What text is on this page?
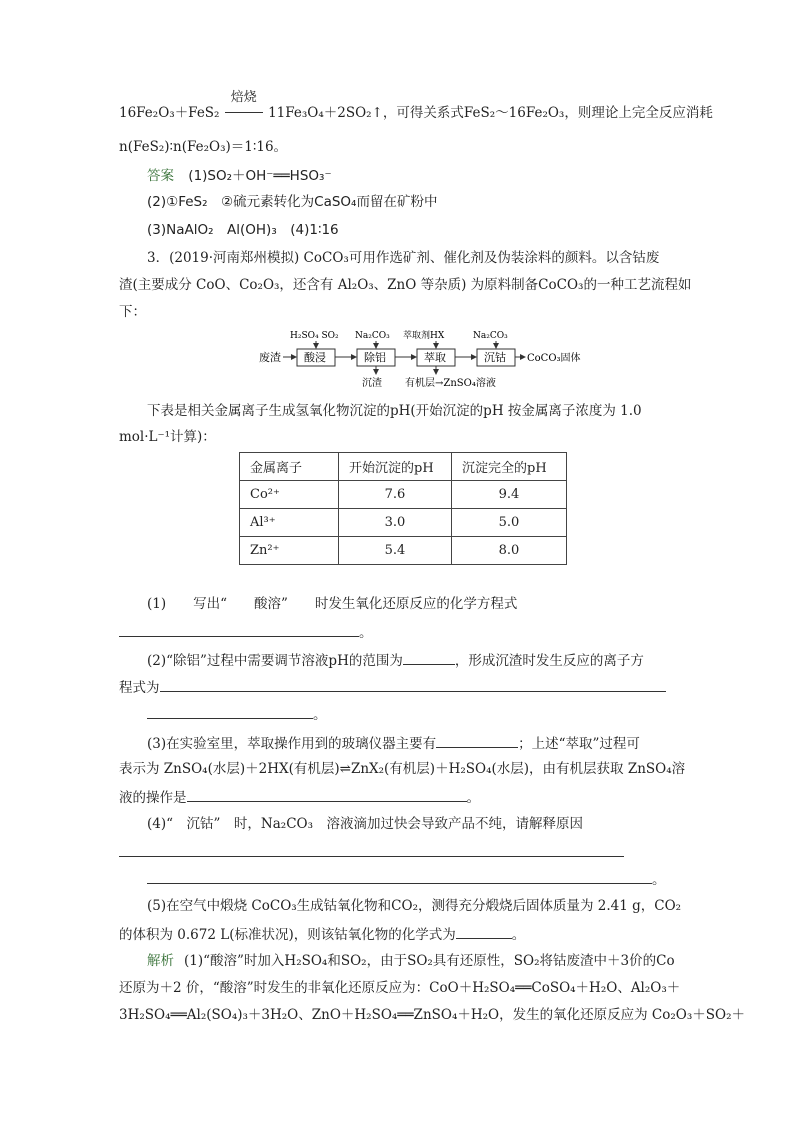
16Fe₂O₃＋FeS₂
焙烧
11Fe₃O₄＋2SO₂↑，可得关系式FeS₂～16Fe₂O₃，则理论上完全反应消耗
n(FeS₂)∶n(Fe₂O₃)＝1∶16。
答案 (1)SO₂＋OH⁻══HSO₃⁻
(2)①FeS₂　②硫元素转化为CaSO₄而留在矿粉中
(3)NaAlO₂　Al(OH)₃　(4)1∶16
3．(2019·河南郑州模拟) CoCO₃可用作选矿剂、催化剂及伪装涂料的颜料。以含钴废
渣(主要成分 CoO、Co₂O₃，还含有 Al₂O₃、ZnO 等杂质) 为原料制备CoCO₃的一种工艺流程如
下：
废渣 酸浸
H₂SO₄ SO₂
除铝
Na₂CO₃
沉渣
萃取
萃取剂HX
有机层→ZnSO₄溶液
沉钴
Na₂CO₃
CoCO₃固体
下表是相关金属离子生成氢氧化物沉淀的pH(开始沉淀的pH 按金属离子浓度为 1.0
mol·L⁻¹计算)：
金属离子	开始沉淀的pH	沉淀完全的pH
Co²⁺	7.6	9.4
Al³⁺	3.0	5.0
Zn²⁺	5.4	8.0
(1)　　写出“　　酸溶”　　时发生氧化还原反应的化学方程式
。
(2)“除铝”过程中需要调节溶液pH的范围为	，形成沉渣时发生反应的离子方
程式为
。
(3)在实验室里，萃取操作用到的玻璃仪器主要有	；上述“萃取”过程可
表示为 ZnSO₄(水层)＋2HX(有机层)⇌ZnX₂(有机层)＋H₂SO₄(水层)，由有机层获取 ZnSO₄溶
液的操作是	。
(4)“　沉钴”　时，Na₂CO₃　溶液滴加过快会导致产品不纯，请解释原因
。
(5)在空气中煅烧 CoCO₃生成钴氧化物和CO₂，测得充分煅烧后固体质量为 2.41 g，CO₂
的体积为 0.672 L(标准状况)，则该钴氧化物的化学式为	。
解析 (1)“酸溶”时加入H₂SO₄和SO₂，由于SO₂具有还原性，SO₂将钴废渣中＋3价的Co
还原为＋2 价，“酸溶”时发生的非氧化还原反应为：CoO＋H₂SO₄══CoSO₄＋H₂O、Al₂O₃＋
3H₂SO₄══Al₂(SO₄)₃＋3H₂O、ZnO＋H₂SO₄══ZnSO₄＋H₂O，发生的氧化还原反应为 Co₂O₃＋SO₂＋
